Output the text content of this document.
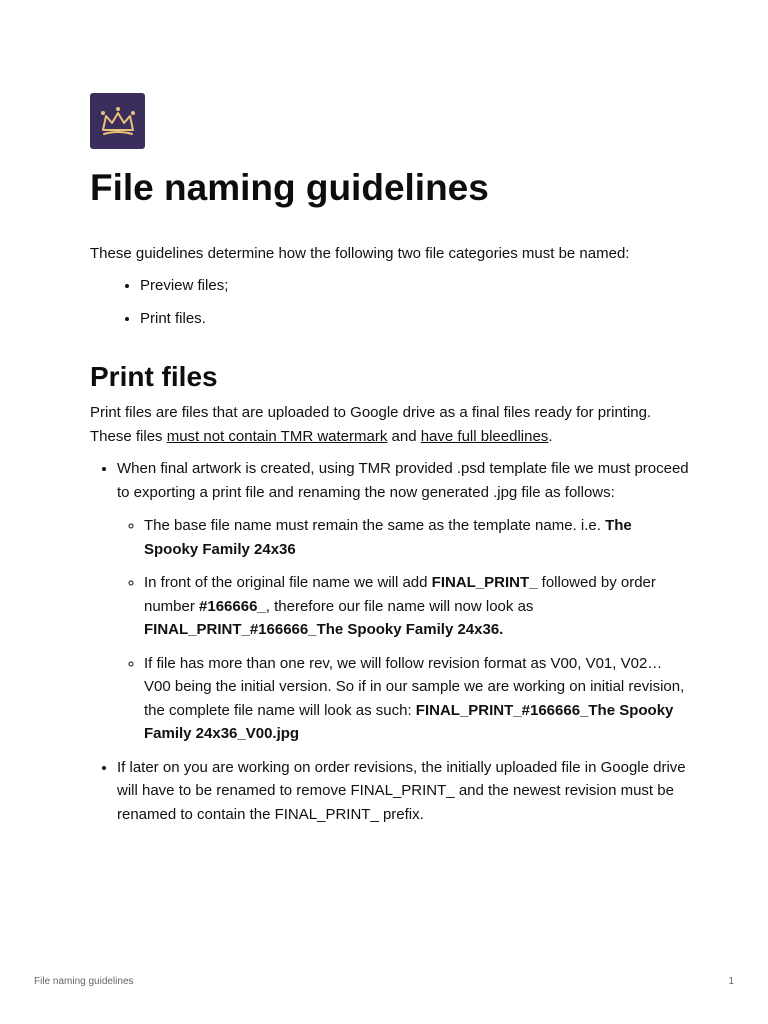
File naming guidelines

These guidelines determine how the following two file categories must be named:

• Preview files;
• Print files.
Print files

Print files are files that are uploaded to Google drive as a final files ready for printing. These files must not contain TMR watermark and have full bleedlines.

• When final artwork is created, using TMR provided .psd template file we must proceed to exporting a print file and renaming the now generated .jpg file as follows:
◦ The base file name must remain the same as the template name. i.e. The Spooky Family 24x36
◦ In front of the original file name we will add FINAL_PRINT_ followed by order number #166666_, therefore our file name will now look as FINAL_PRINT_#166666_The Spooky Family 24x36.
◦ If file has more than one rev, we will follow revision format as V00, V01, V02… V00 being the initial version. So if in our sample we are working on initial revision, the complete file name will look as such: FINAL_PRINT_#166666_The Spooky Family 24x36_V00.jpg
• If later on you are working on order revisions, the initially uploaded file in Google drive will have to be renamed to remove FINAL_PRINT_ and the newest revision must be renamed to contain the FINAL_PRINT_ prefix.
File naming guidelines	1
